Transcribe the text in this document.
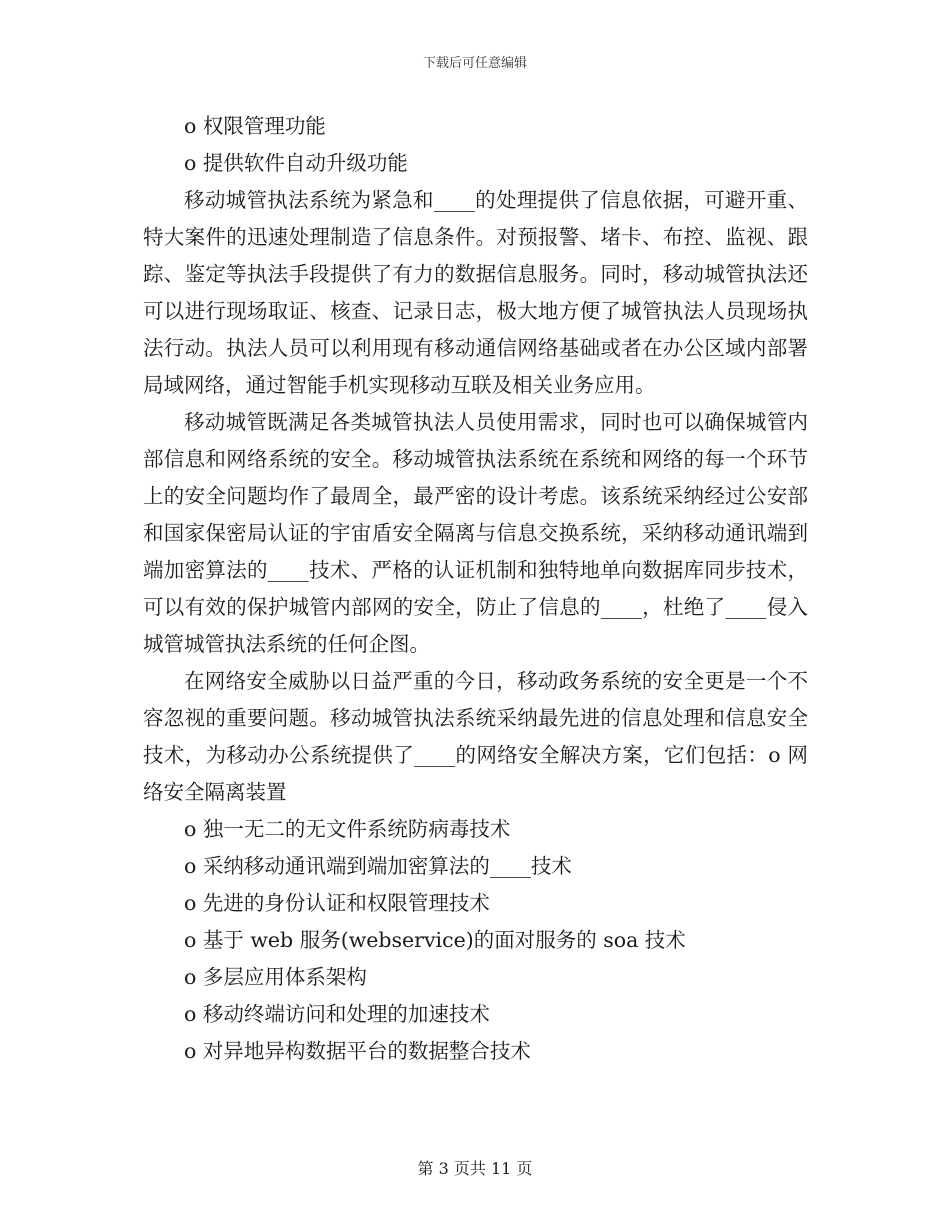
下载后可任意编辑

o 权限管理功能

o 提供软件自动升级功能

移动城管执法系统为紧急和____的处理提供了信息依据，可避开重、特大案件的迅速处理制造了信息条件。对预报警、堵卡、布控、监视、跟踪、鉴定等执法手段提供了有力的数据信息服务。同时，移动城管执法还可以进行现场取证、核查、记录日志，极大地方便了城管执法人员现场执法行动。执法人员可以利用现有移动通信网络基础或者在办公区域内部署局域网络，通过智能手机实现移动互联及相关业务应用。

移动城管既满足各类城管执法人员使用需求，同时也可以确保城管内部信息和网络系统的安全。移动城管执法系统在系统和网络的每一个环节上的安全问题均作了最周全，最严密的设计考虑。该系统采纳经过公安部和国家保密局认证的宇宙盾安全隔离与信息交换系统，采纳移动通讯端到端加密算法的____技术、严格的认证机制和独特地单向数据库同步技术，可以有效的保护城管内部网的安全，防止了信息的____，杜绝了____侵入城管城管执法系统的任何企图。

在网络安全威胁以日益严重的今日，移动政务系统的安全更是一个不容忽视的重要问题。移动城管执法系统采纳最先进的信息处理和信息安全技术，为移动办公系统提供了____的网络安全解决方案，它们包括：o 网络安全隔离装置

o 独一无二的无文件系统防病毒技术

o 采纳移动通讯端到端加密算法的____技术

o 先进的身份认证和权限管理技术

o 基于 web 服务(webservice)的面对服务的 soa 技术

o 多层应用体系架构

o 移动终端访问和处理的加速技术

o 对异地异构数据平台的数据整合技术

第 3 页共 11 页
